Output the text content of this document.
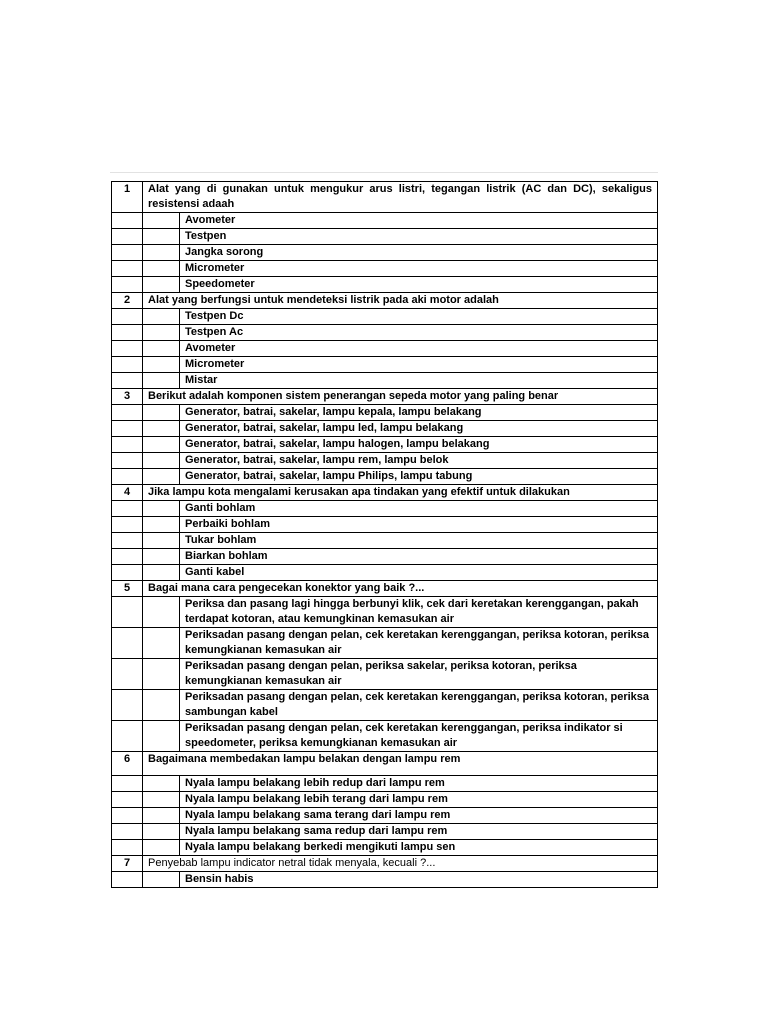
1	Alat yang di gunakan untuk mengukur arus listri, tegangan listrik (AC dan DC), sekaligus resistensi adaah	
		Avometer
		Testpen
		Jangka sorong
		Micrometer
		Speedometer
2	Alat yang berfungsi untuk mendeteksi listrik pada aki motor adalah	
		Testpen Dc
		Testpen Ac
		Avometer
		Micrometer
		Mistar
3	Berikut adalah komponen sistem penerangan sepeda motor yang paling benar	
		Generator, batrai, sakelar, lampu kepala, lampu belakang
		Generator, batrai, sakelar, lampu led, lampu belakang
		Generator, batrai, sakelar, lampu halogen, lampu belakang
		Generator, batrai, sakelar, lampu rem, lampu belok
		Generator, batrai, sakelar, lampu Philips, lampu tabung
4	Jika lampu kota mengalami kerusakan apa tindakan yang efektif untuk dilakukan	
		Ganti bohlam
		Perbaiki bohlam
		Tukar bohlam
		Biarkan bohlam
		Ganti kabel
5	Bagai mana cara pengecekan konektor yang baik ?...	
		Periksa dan pasang lagi hingga berbunyi klik, cek dari keretakan kerenggangan, pakah terdapat kotoran, atau kemungkinan kemasukan air
		Periksadan pasang dengan pelan, cek keretakan kerenggangan, periksa kotoran, periksa kemungkianan kemasukan air
		Periksadan pasang dengan pelan, periksa sakelar, periksa kotoran, periksa kemungkianan kemasukan air
		Periksadan pasang dengan pelan, cek keretakan kerenggangan, periksa kotoran, periksa sambungan kabel
		Periksadan pasang dengan pelan, cek keretakan kerenggangan, periksa indikator si speedometer, periksa kemungkianan kemasukan air
6	Bagaimana membedakan lampu belakan dengan lampu rem	
		Nyala lampu belakang lebih redup dari lampu rem
		Nyala lampu belakang lebih terang dari lampu rem
		Nyala lampu belakang sama terang dari lampu rem
		Nyala lampu belakang sama redup dari lampu rem
		Nyala lampu belakang berkedi mengikuti lampu sen
7	Penyebab lampu indicator netral tidak menyala, kecuali ?...	
		Bensin habis
